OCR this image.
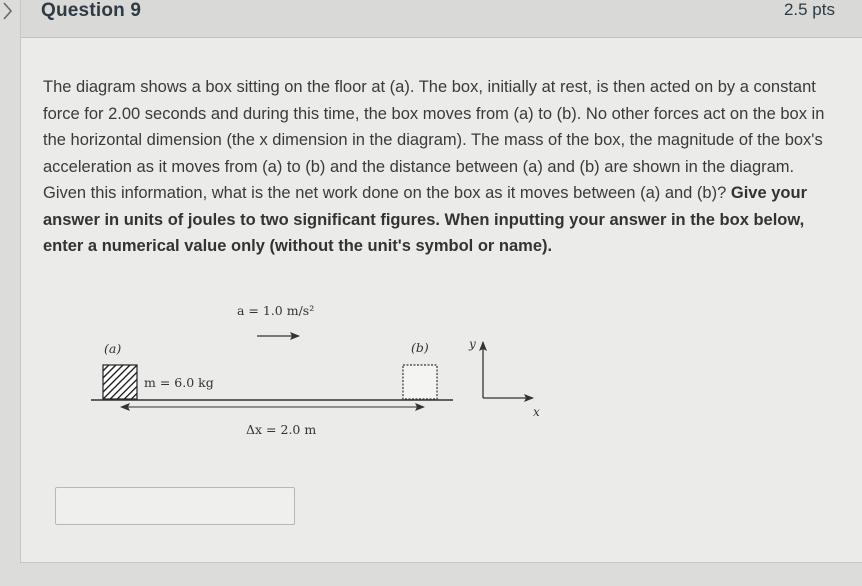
Question 9	2.5 pts

The diagram shows a box sitting on the floor at (a). The box, initially at rest, is then acted on by a constant force for 2.00 seconds and during this time, the box moves from (a) to (b). No other forces act on the box in the horizontal dimension (the x dimension in the diagram). The mass of the box, the magnitude of the box's acceleration as it moves from (a) to (b) and the distance between (a) and (b) are shown in the diagram. Given this information, what is the net work done on the box as it moves between (a) and (b)? Give your answer in units of joules to two significant figures. When inputting your answer in the box below, enter a numerical value only (without the unit's symbol or name).

a = 1.0 m/s²
(a)	(b)
m = 6.0 kg
Δx = 2.0 m
y
x
